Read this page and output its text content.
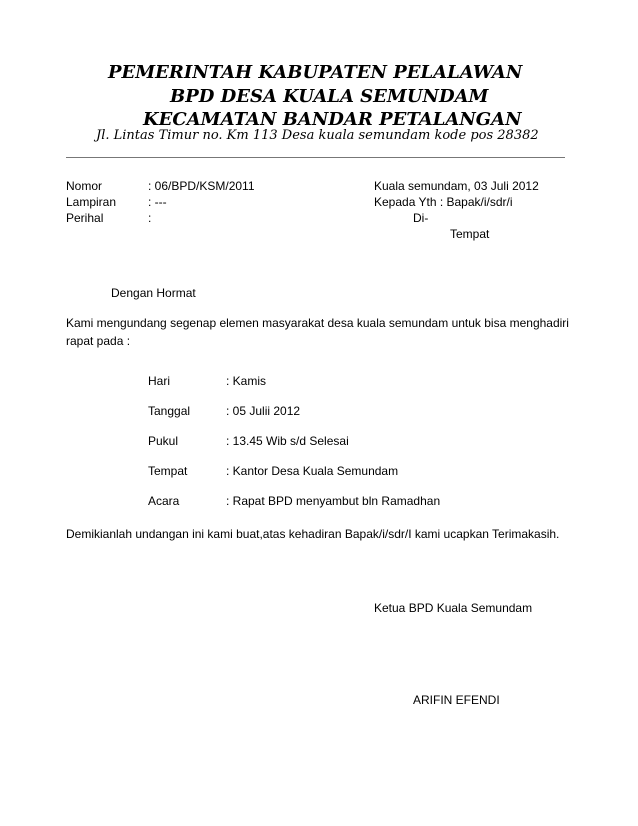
PEMERINTAH KABUPATEN PELALAWAN
BPD DESA KUALA SEMUNDAM
KECAMATAN BANDAR PETALANGAN
Jl. Lintas Timur no. Km 113 Desa kuala semundam kode pos 28382
Nomor	: 06/BPD/KSM/2011
Lampiran	: ---
Perihal	:
Kuala semundam, 03 Juli 2012
Kepada Yth : Bapak/i/sdr/i
Di-
Tempat
Dengan Hormat
Kami mengundang segenap elemen masyarakat desa kuala semundam untuk bisa menghadiri
rapat pada :
Hari	: Kamis
Tanggal	: 05 Julii 2012
Pukul	: 13.45 Wib s/d Selesai
Tempat	: Kantor Desa Kuala Semundam
Acara	: Rapat BPD menyambut bln Ramadhan
Demikianlah undangan ini kami buat,atas kehadiran Bapak/i/sdr/I kami ucapkan Terimakasih.
Ketua BPD Kuala Semundam
ARIFIN EFENDI
